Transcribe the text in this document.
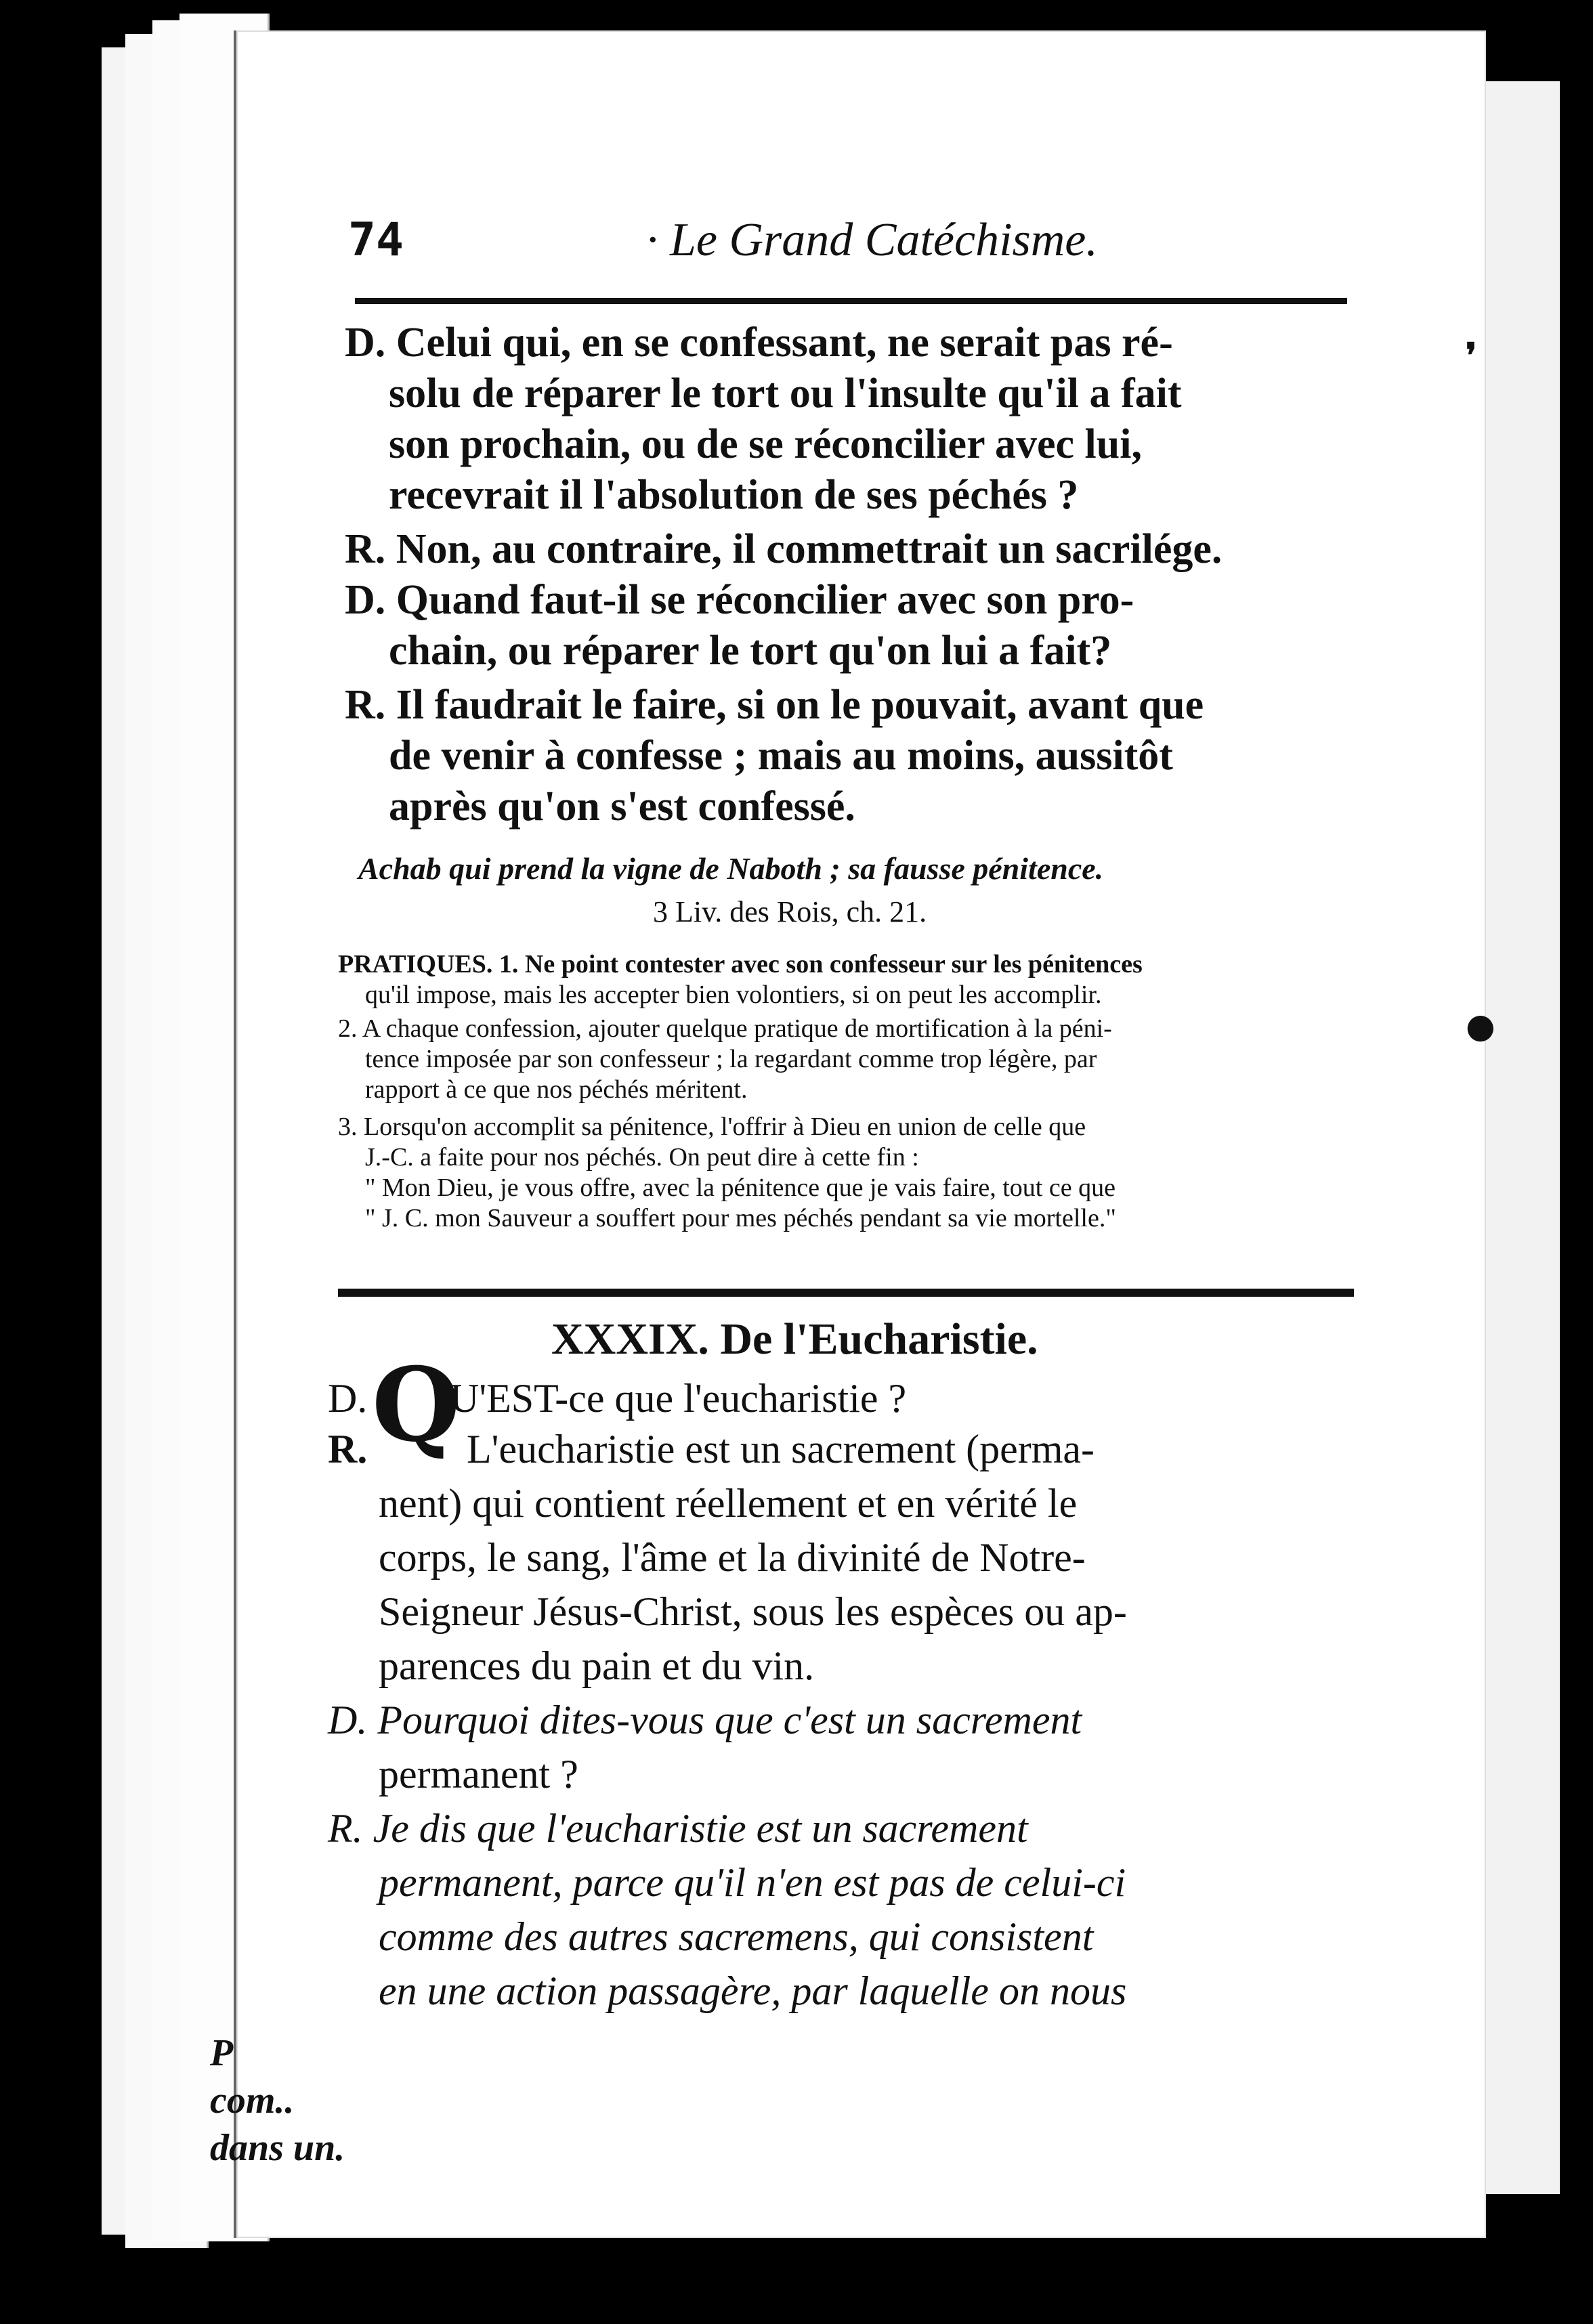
74	· Le Grand Catéchisme.
D. Celui qui, en se confessant, ne serait pas ré-
solu de réparer le tort ou l'insulte qu'il a fait
son prochain, ou de se réconcilier avec lui,
recevrait il l'absolution de ses péchés ?
R. Non, au contraire, il commettrait un sacrilége.
D. Quand faut-il se réconcilier avec son pro-
chain, ou réparer le tort qu'on lui a fait?
R. Il faudrait le faire, si on le pouvait, avant que
de venir à confesse ; mais au moins, aussitôt
après qu'on s'est confessé.
Achab qui prend la vigne de Naboth ; sa fausse pénitence.
3 Liv. des Rois, ch. 21.
PRATIQUES. 1. Ne point contester avec son confesseur sur les pénitences
qu'il impose, mais les accepter bien volontiers, si on peut les accomplir.
2. A chaque confession, ajouter quelque pratique de mortification à la péni-
tence imposée par son confesseur ; la regardant comme trop légère, par
rapport à ce que nos péchés méritent.
3. Lorsqu'on accomplit sa pénitence, l'offrir à Dieu en union de celle que
J.-C. a faite pour nos péchés. On peut dire à cette fin :
" Mon Dieu, je vous offre, avec la pénitence que je vais faire, tout ce que
" J. C. mon Sauveur a souffert pour mes péchés pendant sa vie mortelle."
XXXIX. De l'Eucharistie.
D. Q
U'EST-ce que l'eucharistie ?
R. L'eucharistie est un sacrement (perma-
nent) qui contient réellement et en vérité le
corps, le sang, l'âme et la divinité de Notre-
Seigneur Jésus-Christ, sous les espèces ou ap-
parences du pain et du vin.
D. Pourquoi dites-vous que c'est un sacrement
permanent ?
R. Je dis que l'eucharistie est un sacrement
permanent, parce qu'il n'en est pas de celui-ci
comme des autres sacremens, qui consistent
en une action passagère, par laquelle on nous
❜
●
P
com..
dans un.
